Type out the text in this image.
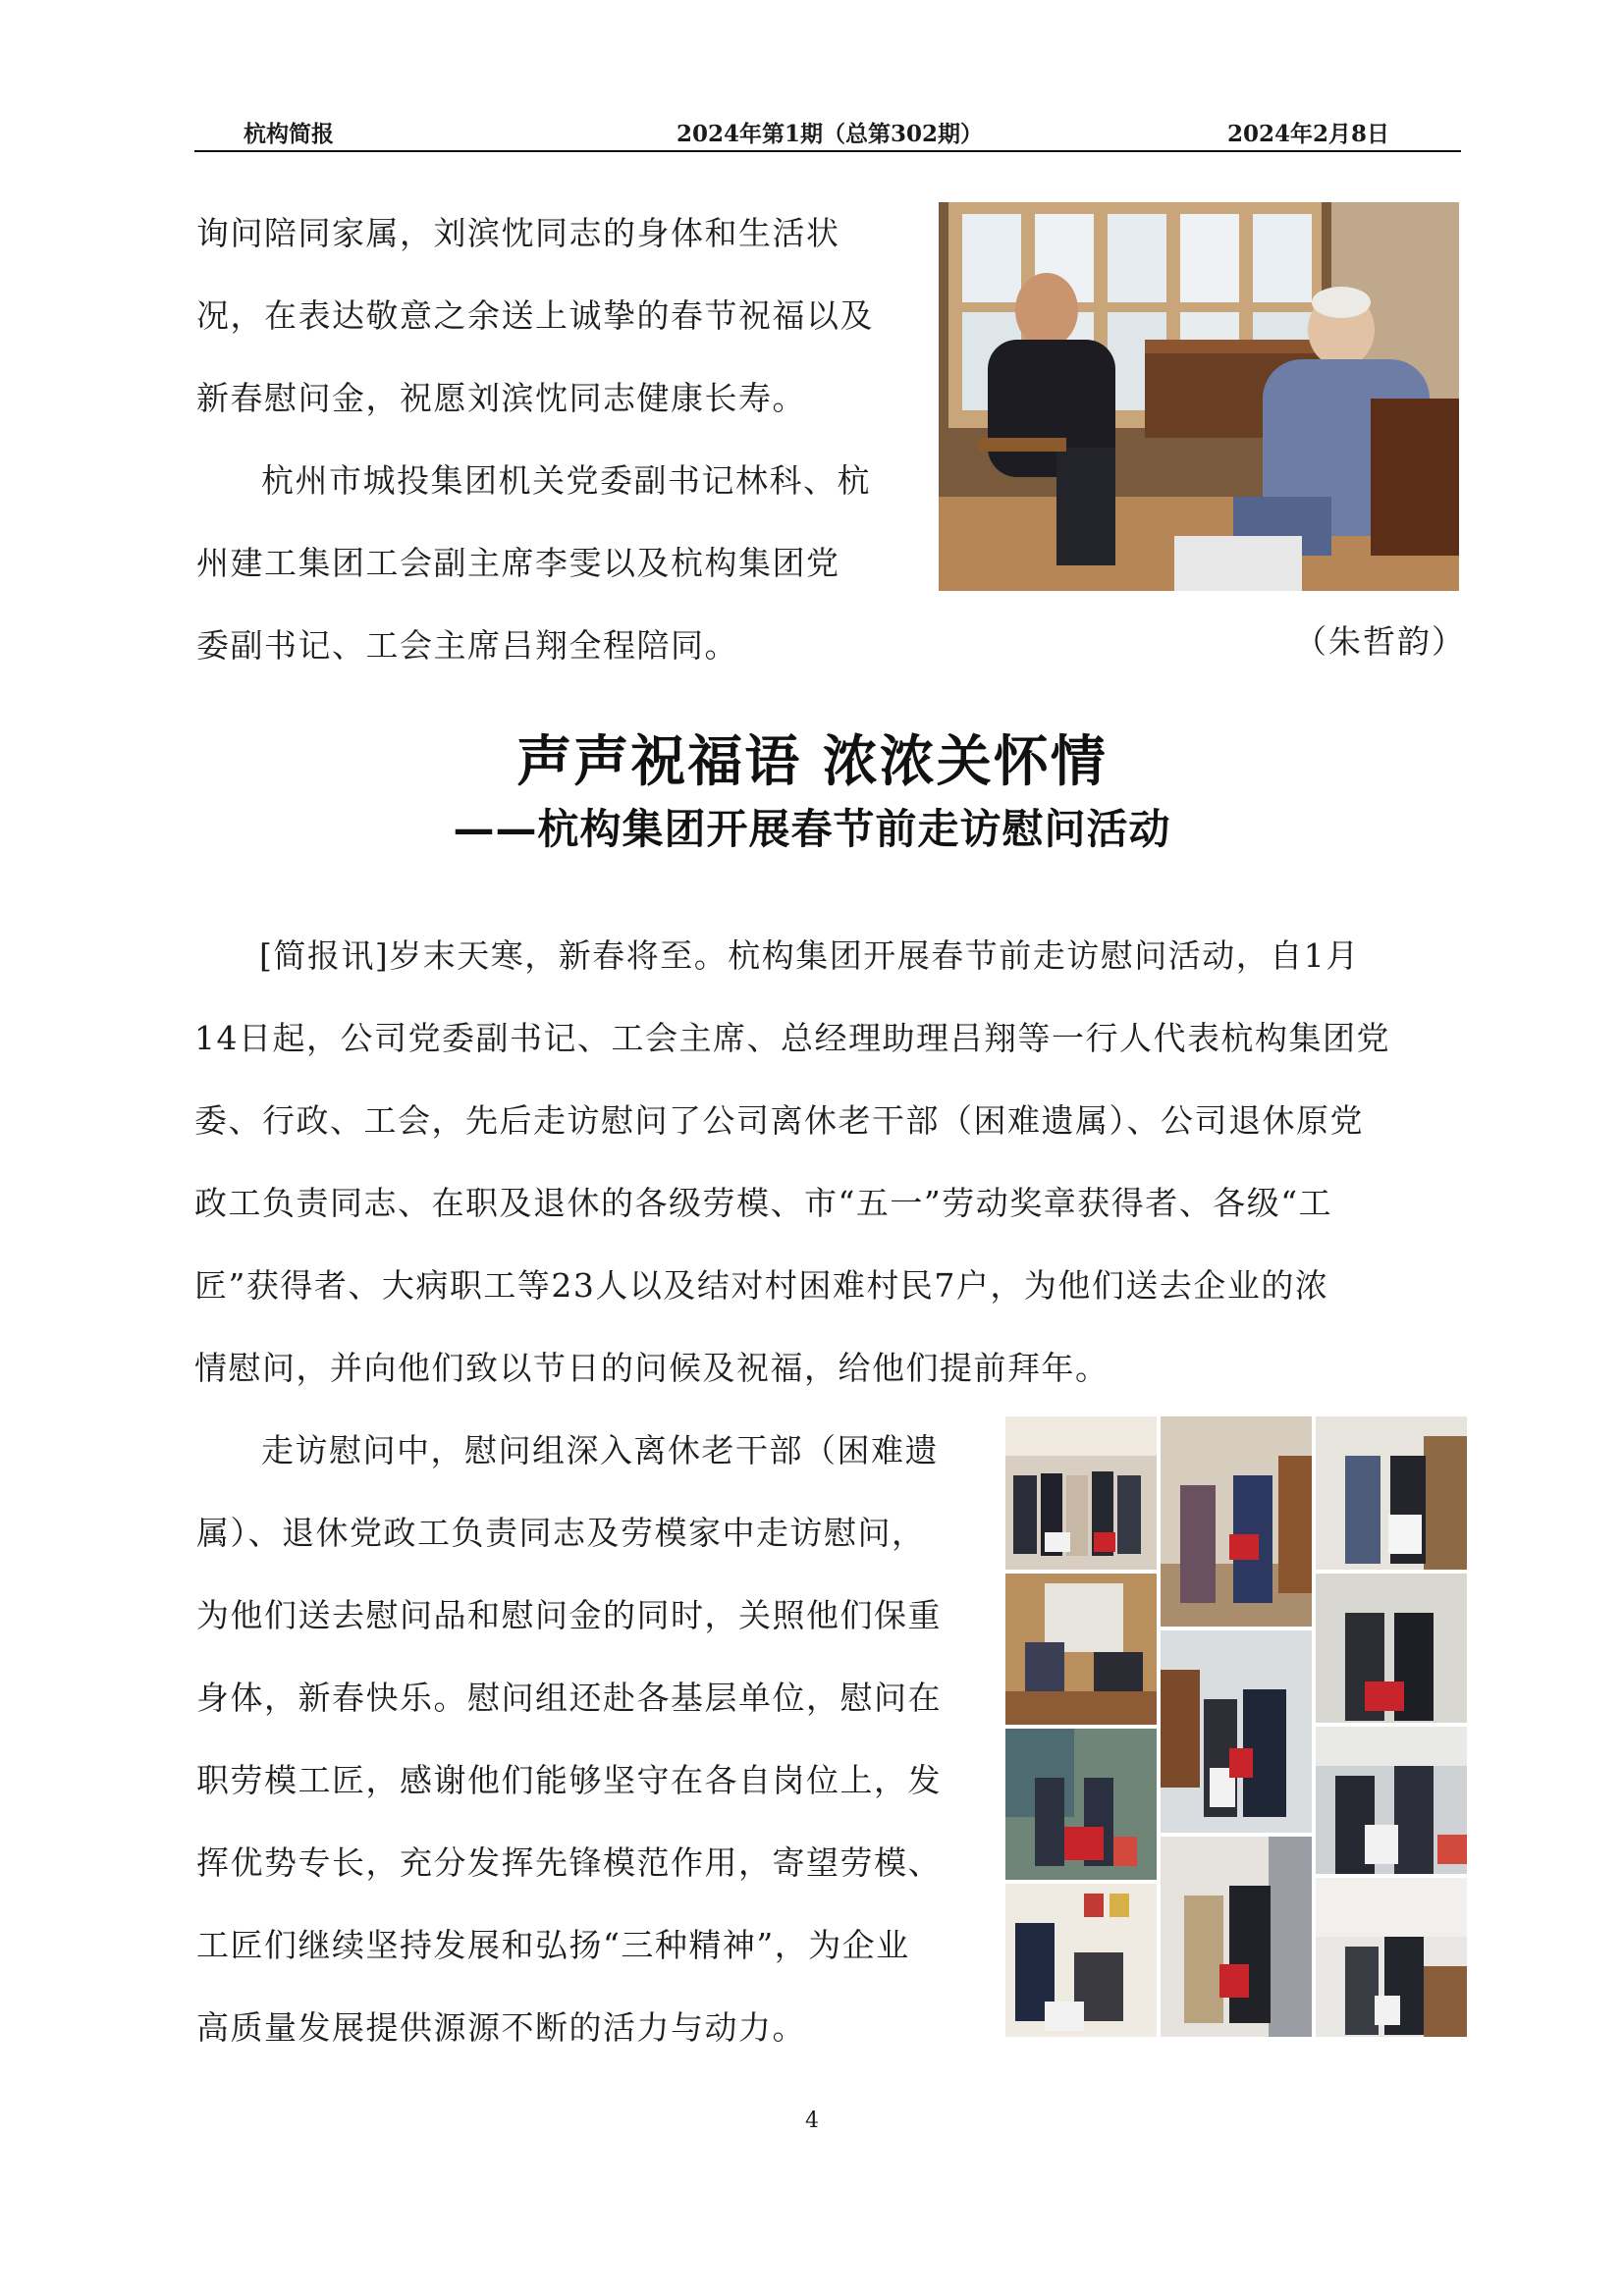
杭构简报	2024年第1期（总第302期）	2024年2月8日

询问陪同家属，刘滨忱同志的身体和生活状
况，在表达敬意之余送上诚挚的春节祝福以及
新春慰问金，祝愿刘滨忱同志健康长寿。

杭州市城投集团机关党委副书记林科、杭
州建工集团工会副主席李雯以及杭构集团党
委副书记、工会主席吕翔全程陪同。	（朱哲韵）
声声祝福语 浓浓关怀情
——杭构集团开展春节前走访慰问活动

[简报讯]岁末天寒，新春将至。杭构集团开展春节前走访慰问活动，自1月
14日起，公司党委副书记、工会主席、总经理助理吕翔等一行人代表杭构集团党
委、行政、工会，先后走访慰问了公司离休老干部（困难遗属）、公司退休原党
政工负责同志、在职及退休的各级劳模、市“五一”劳动奖章获得者、各级“工
匠”获得者、大病职工等23人以及结对村困难村民7户，为他们送去企业的浓
情慰问，并向他们致以节日的问候及祝福，给他们提前拜年。

走访慰问中，慰问组深入离休老干部（困难遗
属）、退休党政工负责同志及劳模家中走访慰问，
为他们送去慰问品和慰问金的同时，关照他们保重
身体，新春快乐。慰问组还赴各基层单位，慰问在
职劳模工匠，感谢他们能够坚守在各自岗位上，发
挥优势专长，充分发挥先锋模范作用，寄望劳模、
工匠们继续坚持发展和弘扬“三种精神”，为企业
高质量发展提供源源不断的活力与动力。

4
